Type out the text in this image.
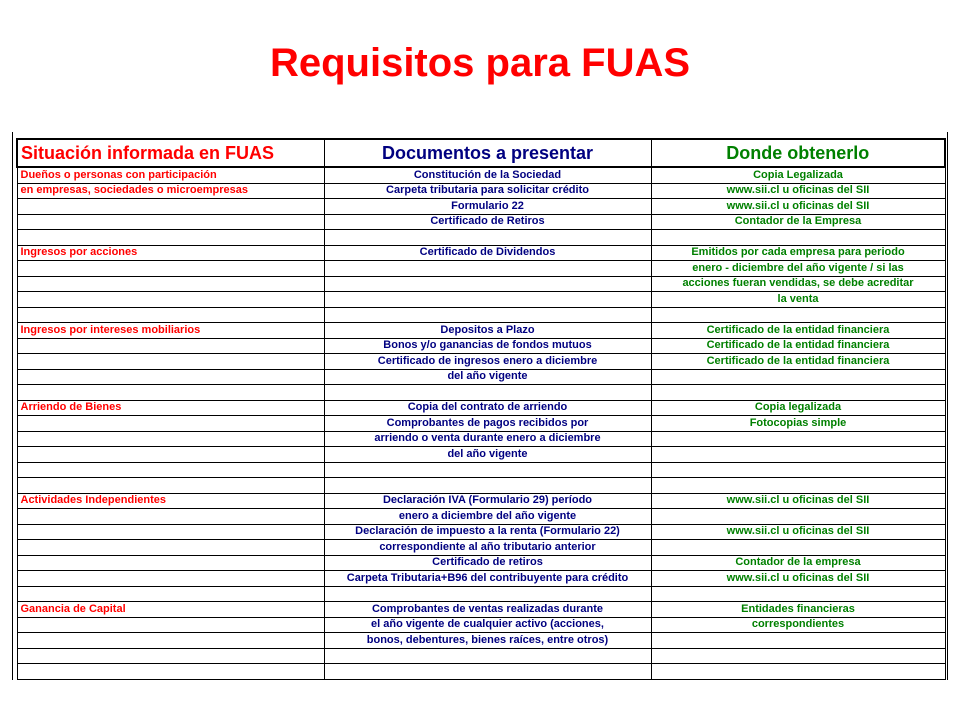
Requisitos para FUAS
Situación informada en FUAS	Documentos a presentar	Donde obtenerlo
Dueños o personas con participación	Constitución de la Sociedad	Copia Legalizada
en empresas, sociedades o microempresas	Carpeta tributaria para solicitar crédito	www.sii.cl u oficinas del SII
	Formulario 22	www.sii.cl u oficinas del SII
	Certificado de Retiros	Contador de la Empresa

Ingresos por acciones	Certificado de Dividendos	Emitidos por cada empresa para periodo
		enero - diciembre del año vigente / si las
		acciones fueran vendidas, se debe acreditar
		la venta

Ingresos por intereses mobiliarios	Depositos a Plazo	Certificado de la entidad financiera
	Bonos y/o ganancias de fondos mutuos	Certificado de la entidad financiera
	Certificado de ingresos enero a diciembre	Certificado de la entidad financiera
	del año vigente	

Arriendo de Bienes	Copia del contrato de arriendo	Copia legalizada
	Comprobantes de pagos recibidos por	Fotocopias simple
	arriendo o venta durante enero a diciembre	
	del año vigente	

Actividades Independientes	Declaración IVA (Formulario 29) período	www.sii.cl u oficinas del SII
	enero a diciembre del año vigente	
	Declaración de impuesto a la renta (Formulario 22)	www.sii.cl u oficinas del SII
	correspondiente al año tributario anterior	
	Certificado de retiros	Contador de la empresa
	Carpeta Tributaria+B96 del contribuyente para crédito	www.sii.cl u oficinas del SII

Ganancia de Capital	Comprobantes de ventas realizadas durante	Entidades financieras
	el año vigente de cualquier activo (acciones,	correspondientes
	bonos, debentures, bienes raíces, entre otros)	
